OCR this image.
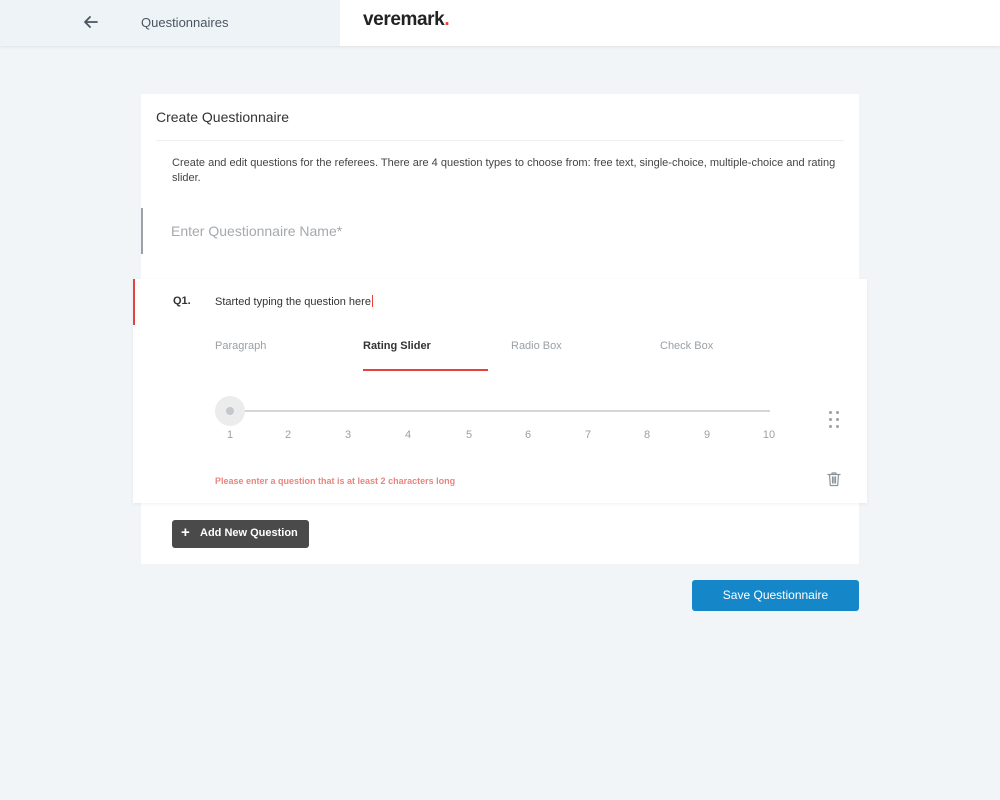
Questionnaires	veremark.
Create Questionnaire
Create and edit questions for the referees. There are 4 question types to choose from: free text, single-choice, multiple-choice and rating slider.
Enter Questionnaire Name*
Q1. Started typing the question here
Paragraph	Rating Slider	Radio Box	Check Box
1	2	3	4	5	6	7	8	9	10
Please enter a question that is at least 2 characters long
+ Add New Question
Save Questionnaire
